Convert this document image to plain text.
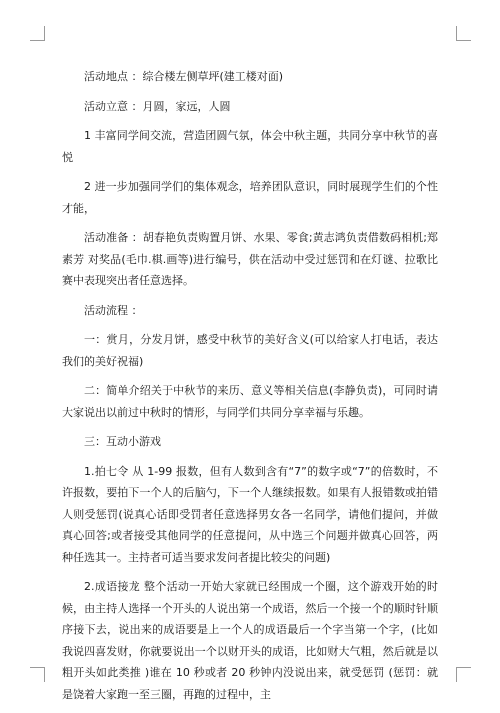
活动地点 ：综合楼左侧草坪(建工楼对面)

活动立意 ：月圆，家远，人圆

1 丰富同学间交流，营造团圆气氛，体会中秋主题，共同分享中秋节的喜悦

2 进一步加强同学们的集体观念，培养团队意识，同时展现学生们的个性才能，

活动准备 ：胡春艳负责购置月饼、水果、零食;黄志鸿负责借数码相机;郑素芳 对奖品(毛巾.棋.画等)进行编号，供在活动中受过惩罚和在灯谜、拉歌比赛中表现突出者任意选择。

活动流程 ：

一：赏月，分发月饼，感受中秋节的美好含义(可以给家人打电话，表达我们的美好祝福)

二：简单介绍关于中秋节的来历、意义等相关信息(李静负责)，可同时请大家说出以前过中秋时的情形，与同学们共同分享幸福与乐趣。

三：互动小游戏

1.拍七令 从 1-99 报数，但有人数到含有“7”的数字或“7”的倍数时，不许报数，要拍下一个人的后脑勺，下一个人继续报数。如果有人报错数或拍错人则受惩罚(说真心话即受罚者任意选择男女各一名同学，请他们提问，并做真心回答;或者接受其他同学的任意提问，从中选三个问题并做真心回答，两种任选其一。主持者可适当要求发问者提比较尖的问题)

2.成语接龙 整个活动一开始大家就已经围成一个圈，这个游戏开始的时候，由主持人选择一个开头的人说出第一个成语，然后一个接一个的顺时针顺序接下去，说出来的成语要是上一个人的成语最后一个字当第一个字，(比如我说四喜发财，你就要说出一个以财开头的成语，比如财大气粗，然后就是以粗开头如此类推 )谁在 10 秒或者 20 秒钟内没说出来，就受惩罚 (惩罚：就是饶着大家跑一至三圈，再跑的过程中，主
